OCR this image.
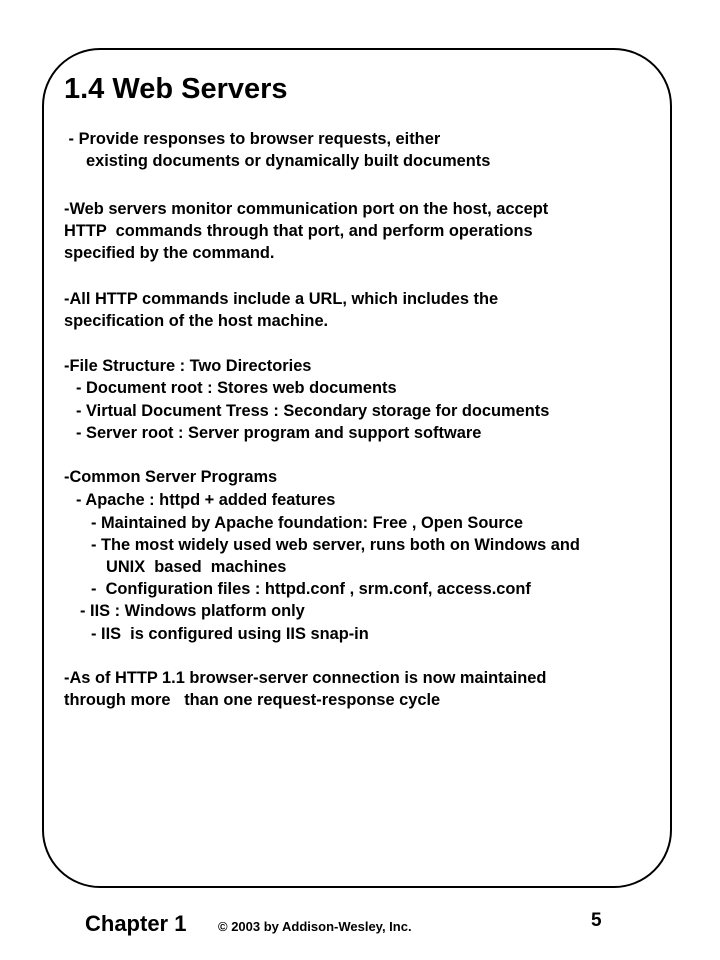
1.4 Web Servers

- Provide responses to browser requests, either

existing documents or dynamically built documents

-Web servers monitor communication port on the host, accept

HTTP  commands through that port, and perform operations

specified by the command.

-All HTTP commands include a URL, which includes the

specification of the host machine.

-File Structure : Two Directories

- Document root : Stores web documents

- Virtual Document Tress : Secondary storage for documents

- Server root : Server program and support software

-Common Server Programs

- Apache : httpd + added features

- Maintained by Apache foundation: Free , Open Source

- The most widely used web server, runs both on Windows and

UNIX  based  machines

-  Configuration files : httpd.conf , srm.conf, access.conf

- IIS : Windows platform only

- IIS  is configured using IIS snap-in

-As of HTTP 1.1 browser-server connection is now maintained

through more   than one request-response cycle

Chapter 1 © 2003 by Addison-Wesley, Inc.	5
